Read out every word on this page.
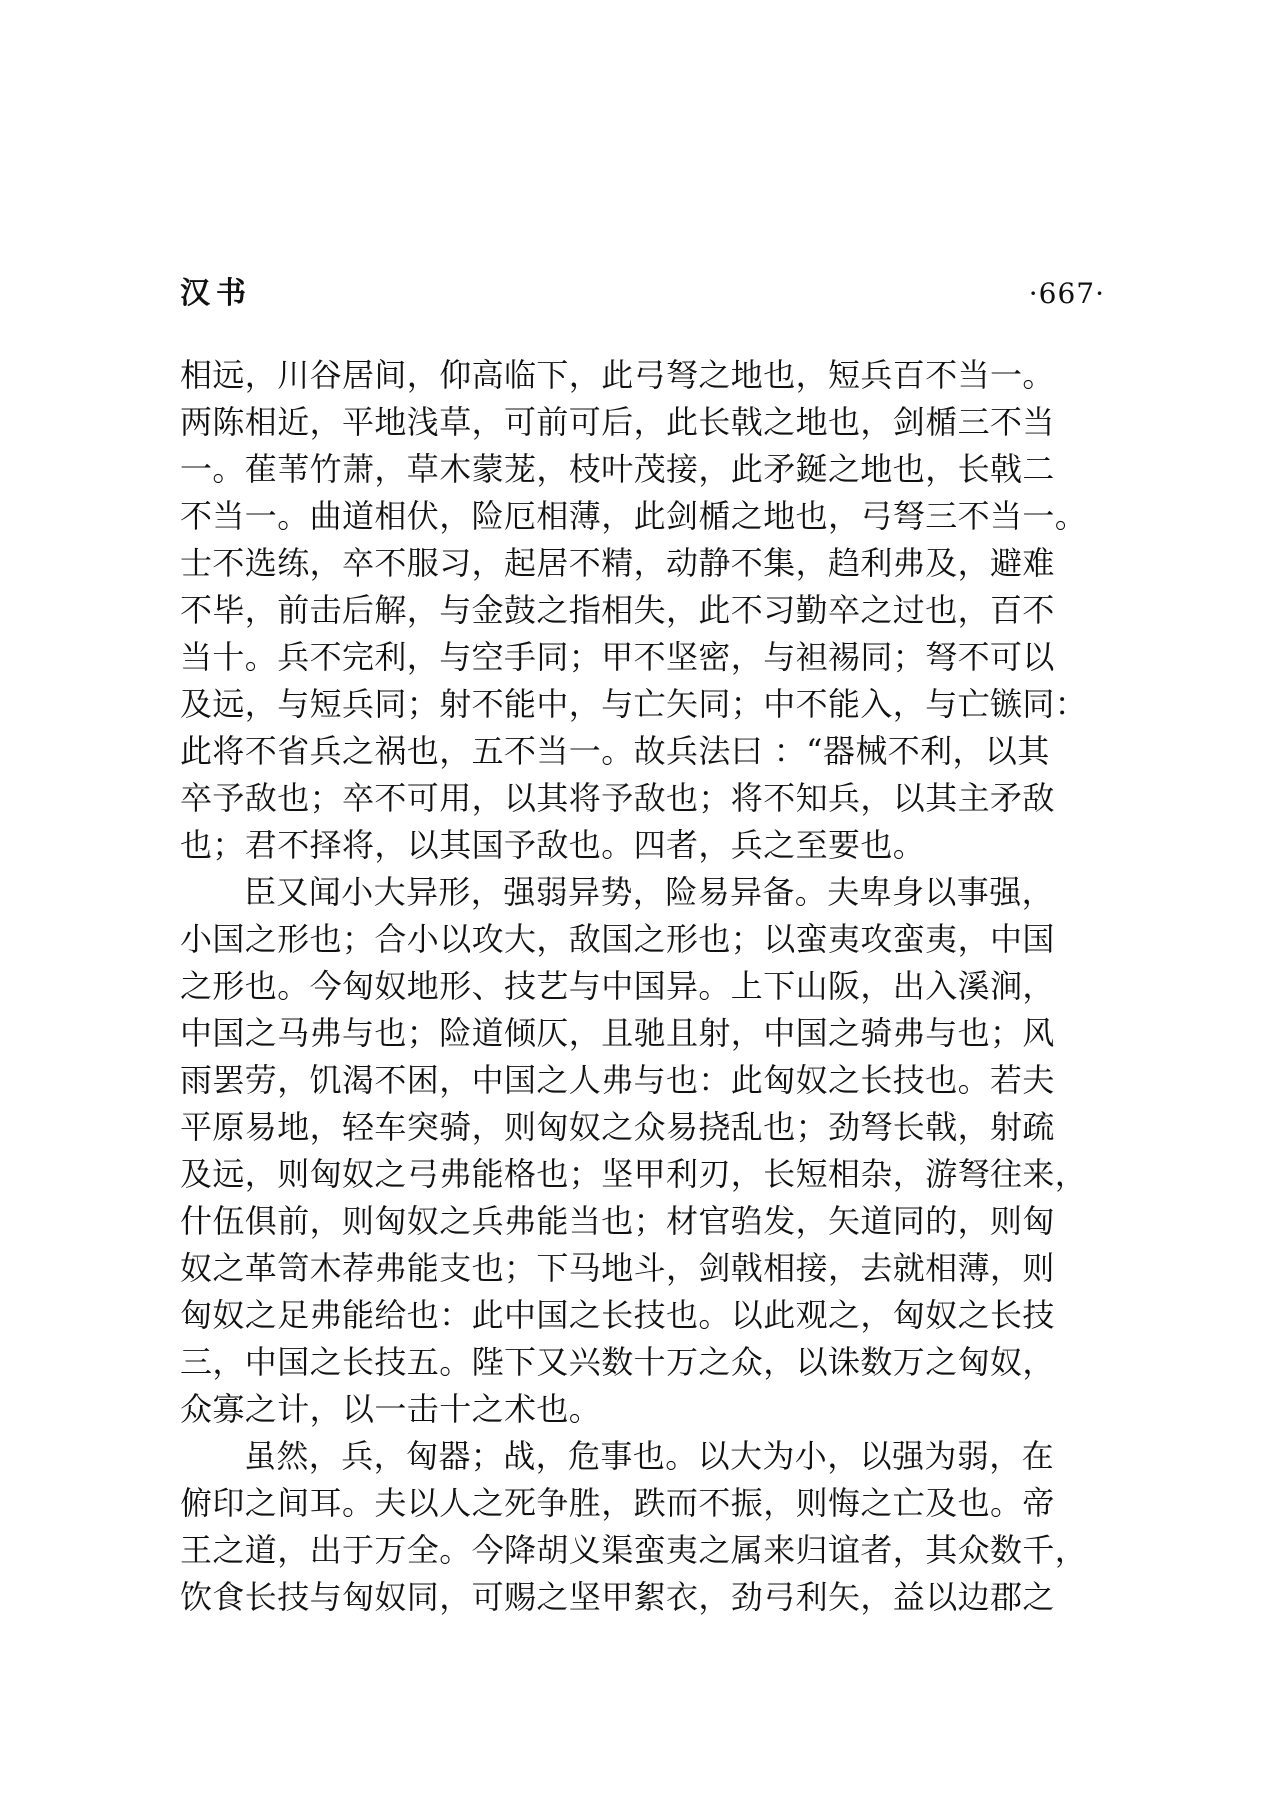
汉书	·667·
相远，川谷居间，仰高临下，此弓弩之地也，短兵百不当一。
两陈相近，平地浅草，可前可后，此长戟之地也，剑楯三不当
一。萑苇竹萧，草木蒙茏，枝叶茂接，此矛鋋之地也，长戟二
不当一。曲道相伏，险厄相薄，此剑楯之地也，弓弩三不当一。
士不选练，卒不服习，起居不精，动静不集，趋利弗及，避难
不毕，前击后解，与金鼓之指相失，此不习勤卒之过也，百不
当十。兵不完利，与空手同；甲不坚密，与袒裼同；弩不可以
及远，与短兵同；射不能中，与亡矢同；中不能入，与亡镞同：
此将不省兵之祸也，五不当一。故兵法曰 ：“器械不利，以其
卒予敌也；卒不可用，以其将予敌也；将不知兵，以其主矛敌
也；君不择将，以其国予敌也。四者，兵之至要也。
臣又闻小大异形，强弱异势，险易异备。夫卑身以事强，
小国之形也；合小以攻大，敌国之形也；以蛮夷攻蛮夷，中国
之形也。今匈奴地形、技艺与中国异。上下山阪，出入溪涧，
中国之马弗与也；险道倾仄，且驰且射，中国之骑弗与也；风
雨罢劳，饥渴不困，中国之人弗与也：此匈奴之长技也。若夫
平原易地，轻车突骑，则匈奴之众易挠乱也；劲弩长戟，射疏
及远，则匈奴之弓弗能格也；坚甲利刃，长短相杂，游弩往来，
什伍俱前，则匈奴之兵弗能当也；材官驺发，矢道同的，则匈
奴之革笥木荐弗能支也；下马地斗，剑戟相接，去就相薄，则
匈奴之足弗能给也：此中国之长技也。以此观之，匈奴之长技
三，中国之长技五。陛下又兴数十万之众，以诛数万之匈奴，
众寡之计，以一击十之术也。
虽然，兵，匈器；战，危事也。以大为小，以强为弱，在
俯印之间耳。夫以人之死争胜，跌而不振，则悔之亡及也。帝
王之道，出于万全。今降胡义渠蛮夷之属来归谊者，其众数千，
饮食长技与匈奴同，可赐之坚甲絮衣，劲弓利矢，益以边郡之
